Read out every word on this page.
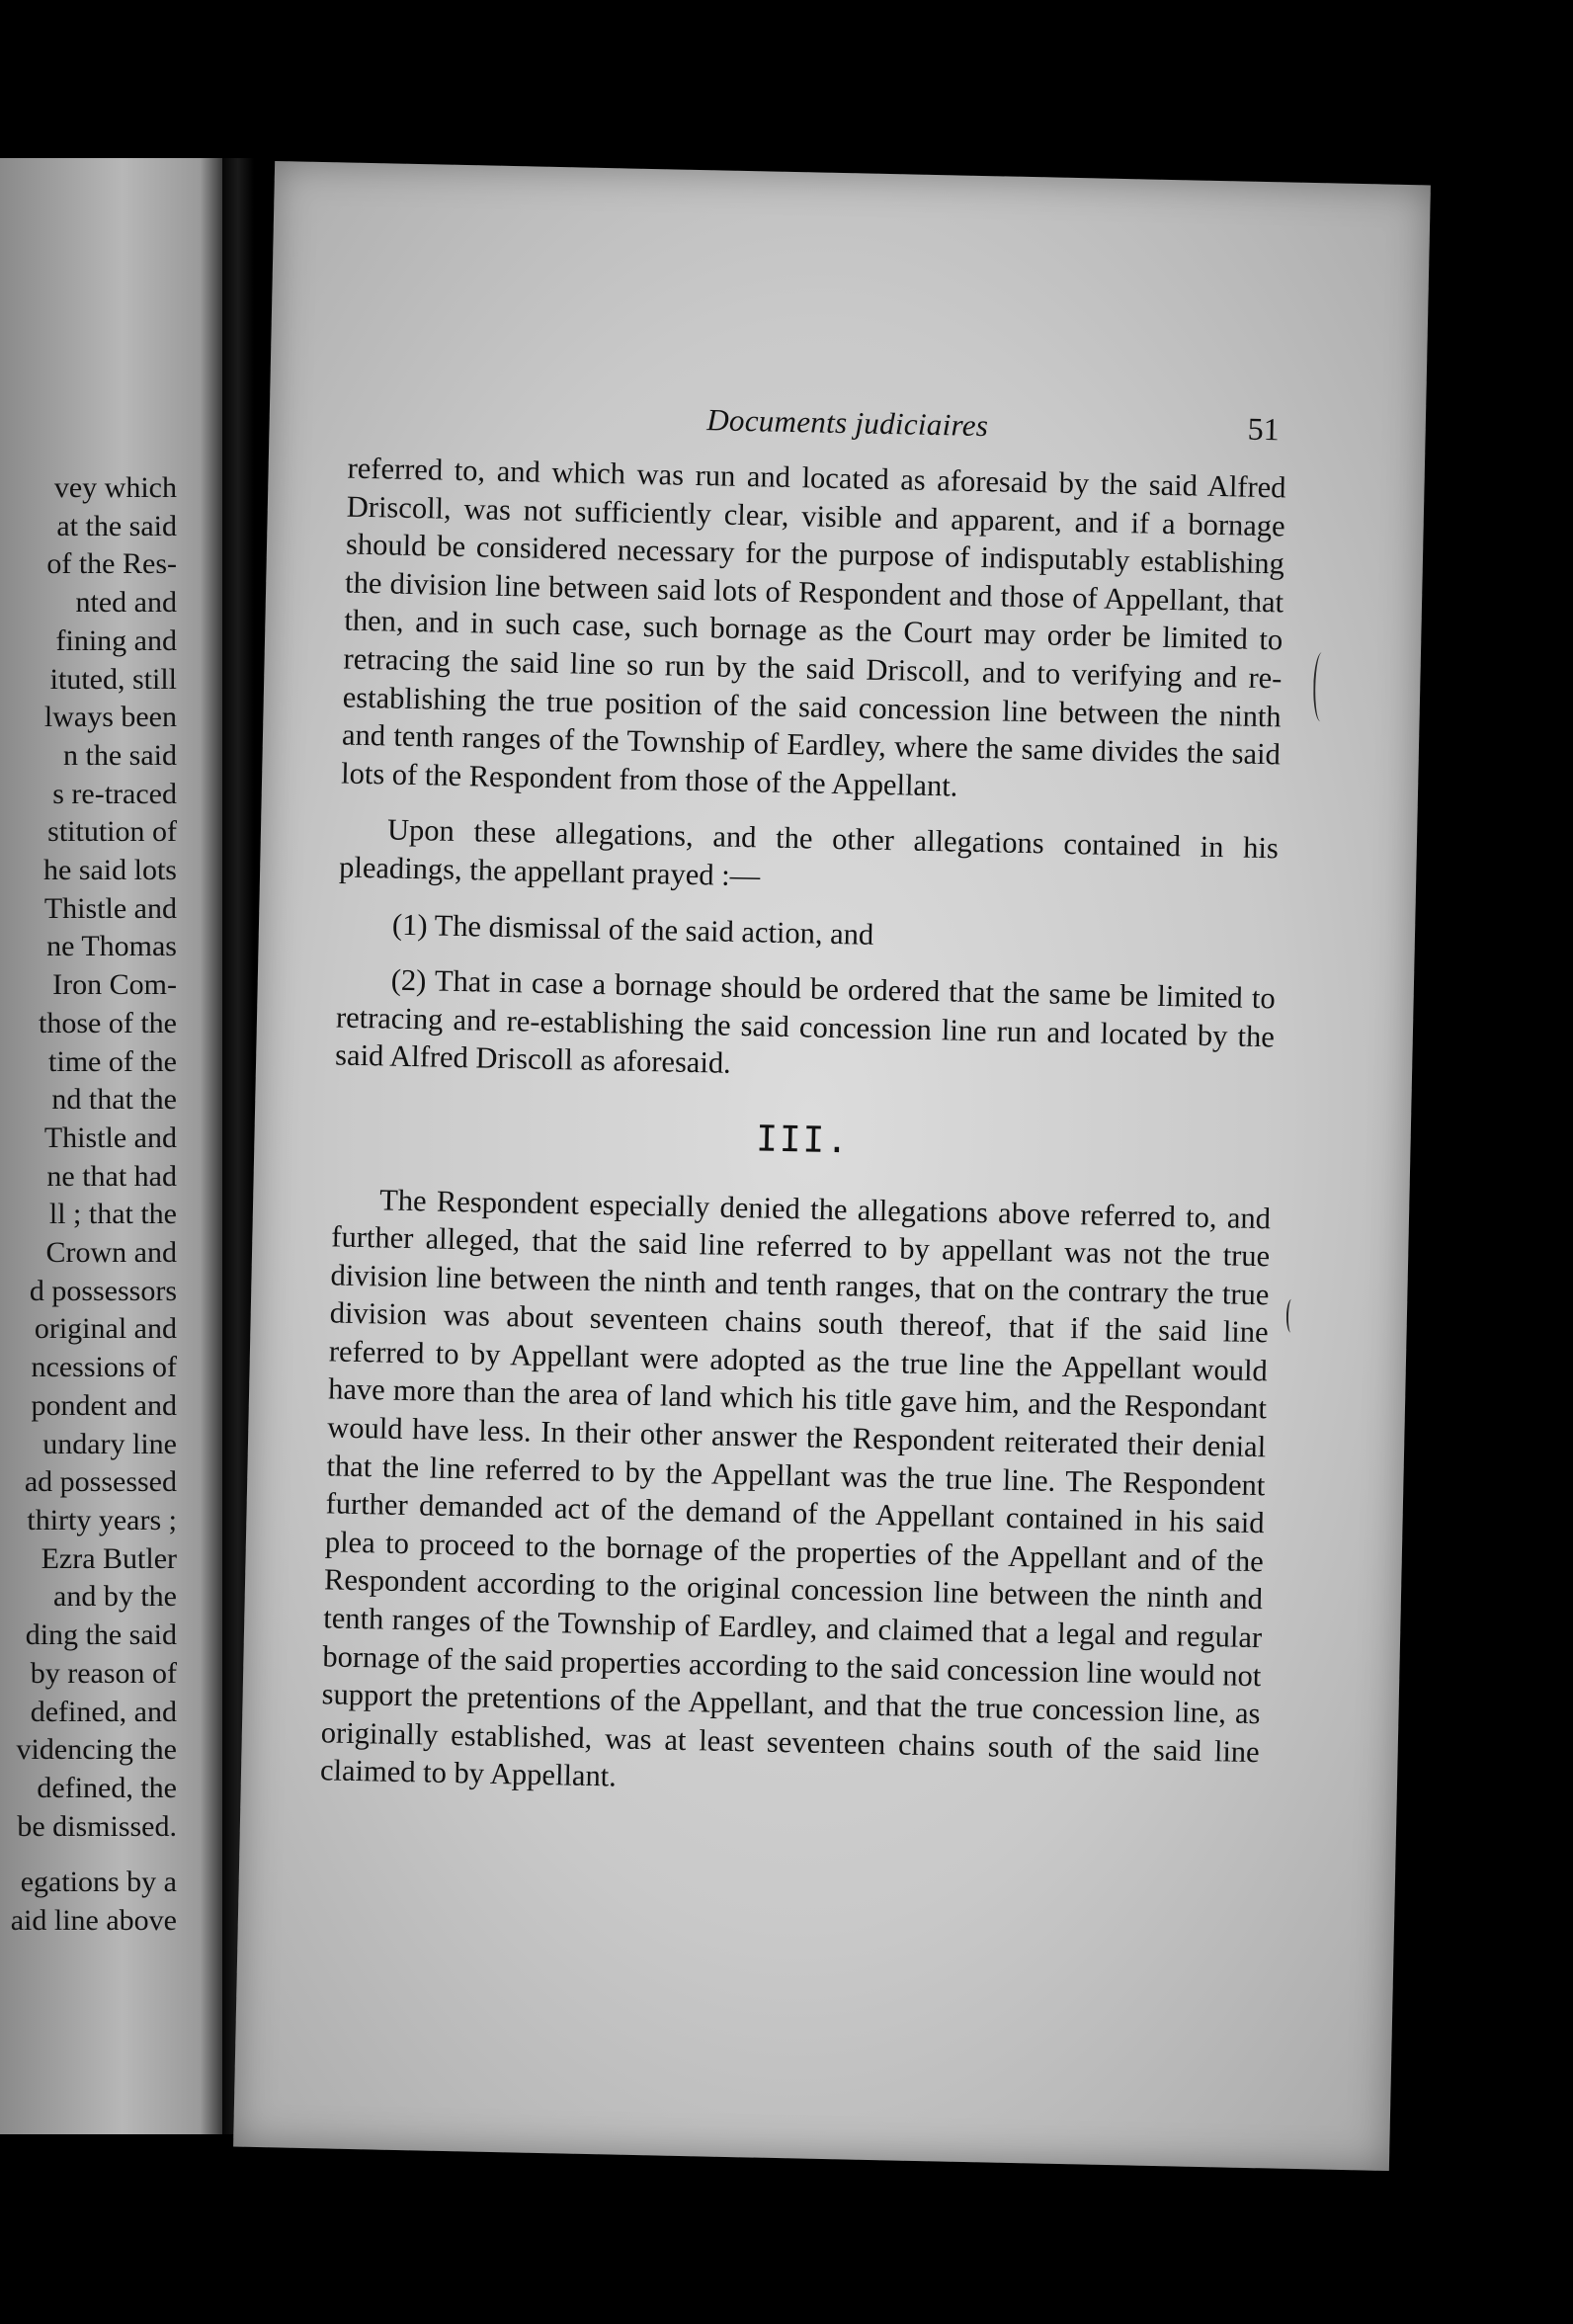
vey which
at the said
of the Res-
nted and
fining and
ituted, still
lways been
n the said
s re-traced
stitution of
he said lots
Thistle and
ne Thomas
Iron Com-
those of the
time of the
nd that the
Thistle and
ne that had
ll ; that the
Crown and
d possessors
original and
ncessions of
pondent and
undary line
ad possessed
thirty years ;
Ezra Butler
and by the
ding the said
by reason of
defined, and
videncing the
defined, the
be dismissed.
egations by a
aid line above
Documents judiciaires	51

referred to, and which was run and located as aforesaid by the said Alfred Driscoll, was not sufficiently clear, visible and apparent, and if a bornage should be considered necessary for the purpose of indisputably establishing the division line between said lots of Respondent and those of Appellant, that then, and in such case, such bornage as the Court may order be limited to retracing the said line so run by the said Driscoll, and to verifying and re-establishing the true position of the said concession line between the ninth and tenth ranges of the Township of Eardley, where the same divides the said lots of the Respondent from those of the Appellant.

Upon these allegations, and the other allegations contained in his pleadings, the appellant prayed :—

(1) The dismissal of the said action, and

(2) That in case a bornage should be ordered that the same be limited to retracing and re-establishing the said concession line run and located by the said Alfred Driscoll as aforesaid.

III.

The Respondent especially denied the allegations above referred to, and further alleged, that the said line referred to by appellant was not the true division line between the ninth and tenth ranges, that on the contrary the true division was about seventeen chains south thereof, that if the said line referred to by Appellant were adopted as the true line the Appellant would have more than the area of land which his title gave him, and the Respondant would have less. In their other answer the Respondent reiterated their denial that the line referred to by the Appellant was the true line. The Respondent further demanded act of the demand of the Appellant contained in his said plea to proceed to the bornage of the properties of the Appellant and of the Respondent according to the original concession line between the ninth and tenth ranges of the Township of Eardley, and claimed that a legal and regular bornage of the said properties according to the said concession line would not support the pretentions of the Appellant, and that the true concession line, as originally established, was at least seventeen chains south of the said line claimed to by Appellant.
